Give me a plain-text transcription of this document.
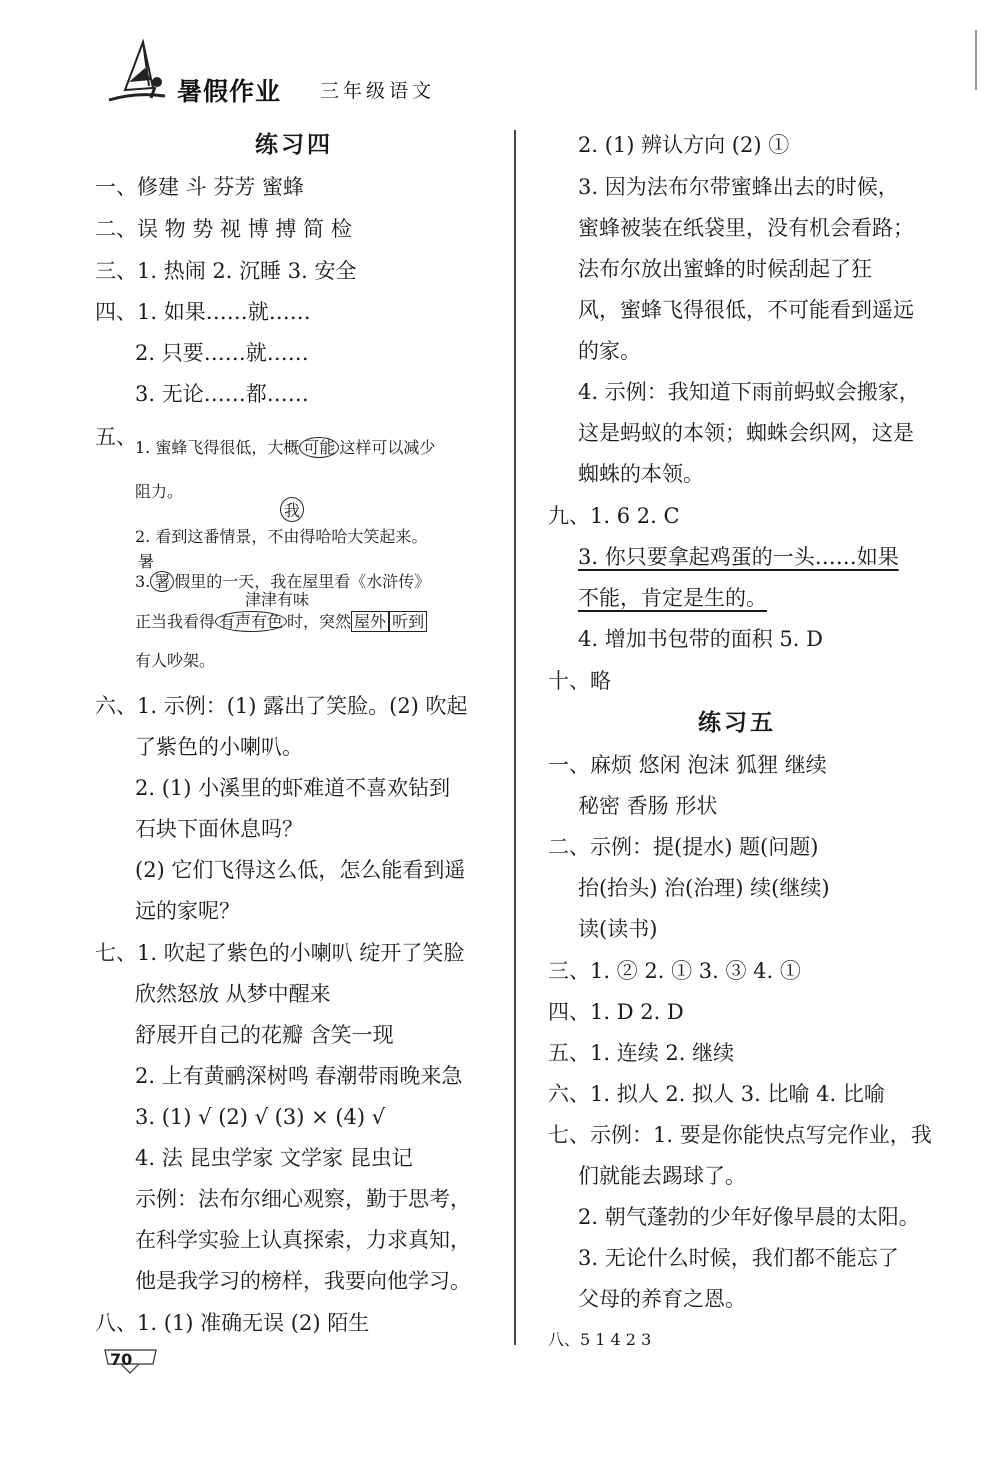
暑假作业 三年级语文
1. 蜜蜂飞得很低，大概 可能 这样可以减少
阻力。
我
暑
3. 署 假里的一天，我在屋里看《水浒传》
津津有味
正当我看得 有声有色 时，突然 屋外 听到
练习四
一、修建 斗 芬芳 蜜蜂
二、误 物 势 视 博 搏 简 检
三、1. 热闹 2. 沉睡 3. 安全
四、1. 如果……就……
2. 只要……就……
3. 无论……都……
五、
2. 看到这番情景，不由得哈哈大笑起来。
有人吵架。
六、1. 示例：(1) 露出了笑脸。(2) 吹起
了紫色的小喇叭。
2. (1) 小溪里的虾难道不喜欢钻到
石块下面休息吗？
(2) 它们飞得这么低，怎么能看到遥
远的家呢？
七、1. 吹起了紫色的小喇叭 绽开了笑脸
欣然怒放 从梦中醒来
舒展开自己的花瓣 含笑一现
2. 上有黄鹂深树鸣 春潮带雨晚来急
3. (1) √ (2) √ (3) × (4) √
4. 法 昆虫学家 文学家 昆虫记
示例：法布尔细心观察，勤于思考，
在科学实验上认真探索，力求真知，
他是我学习的榜样，我要向他学习。
八、1. (1) 准确无误 (2) 陌生
2. (1) 辨认方向 (2) ①
3. 因为法布尔带蜜蜂出去的时候，
蜜蜂被装在纸袋里，没有机会看路；
法布尔放出蜜蜂的时候刮起了狂
风，蜜蜂飞得很低，不可能看到遥远
的家。
4. 示例：我知道下雨前蚂蚁会搬家，
这是蚂蚁的本领；蜘蛛会织网，这是
蜘蛛的本领。
九、1. 6 2. C
3. 你只要拿起鸡蛋的一头……如果
不能，肯定是生的。
4. 增加书包带的面积 5. D
十、略
练习五
一、麻烦 悠闲 泡沫 狐狸 继续
秘密 香肠 形状
二、示例：提(提水) 题(问题)
抬(抬头) 治(治理) 续(继续)
读(读书)
三、1. ② 2. ① 3. ③ 4. ①
四、1. D 2. D
五、1. 连续 2. 继续
六、1. 拟人 2. 拟人 3. 比喻 4. 比喻
七、示例：1. 要是你能快点写完作业，我
们就能去踢球了。
2. 朝气蓬勃的少年好像早晨的太阳。
3. 无论什么时候，我们都不能忘了
父母的养育之恩。
八、5 1 4 2 3
70
